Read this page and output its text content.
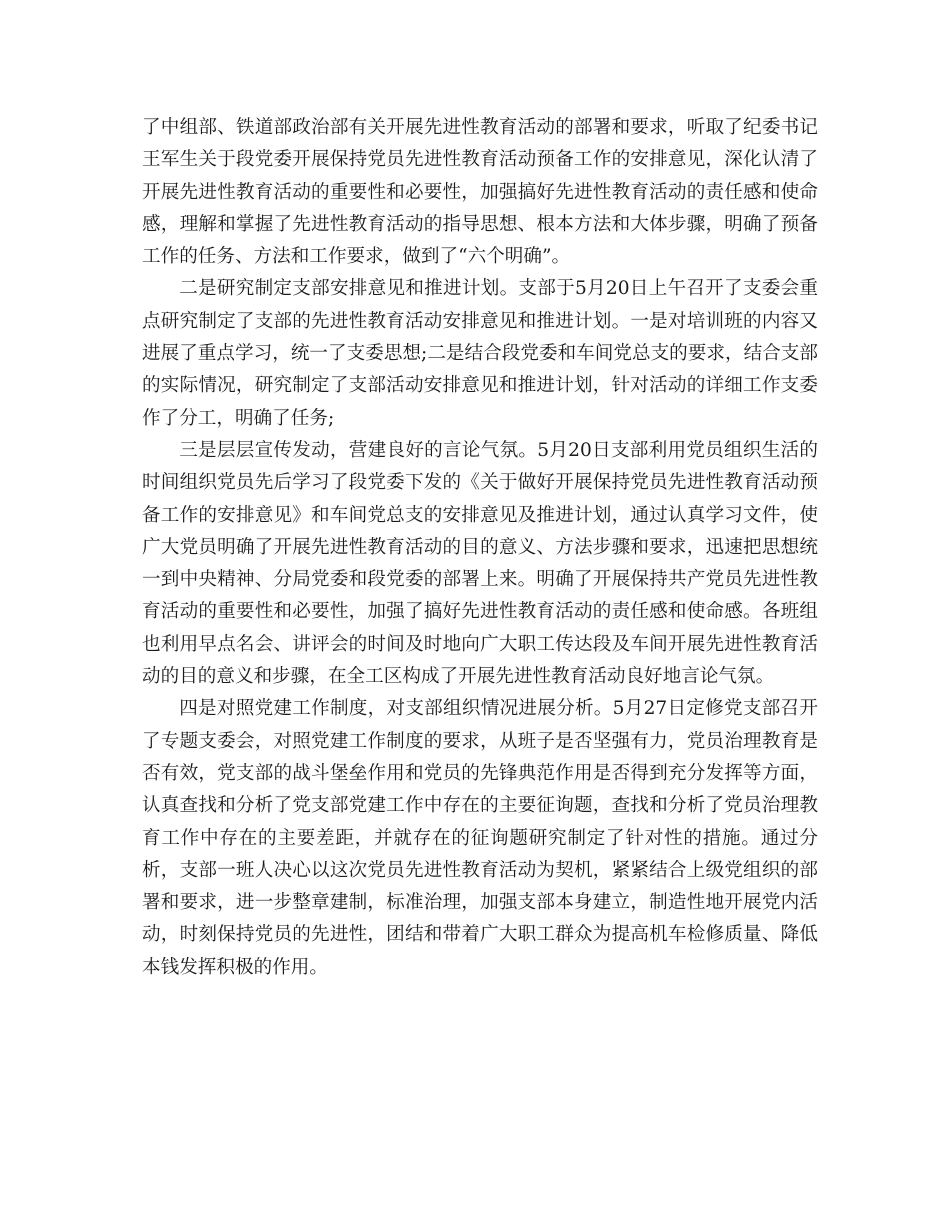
了中组部、铁道部政治部有关开展先进性教育活动的部署和要求，听取了纪委书记王军生关于段党委开展保持党员先进性教育活动预备工作的安排意见，深化认清了开展先进性教育活动的重要性和必要性，加强搞好先进性教育活动的责任感和使命感，理解和掌握了先进性教育活动的指导思想、根本方法和大体步骤，明确了预备工作的任务、方法和工作要求，做到了“六个明确”。

二是研究制定支部安排意见和推进计划。支部于5月20日上午召开了支委会重点研究制定了支部的先进性教育活动安排意见和推进计划。一是对培训班的内容又进展了重点学习，统一了支委思想;二是结合段党委和车间党总支的要求，结合支部的实际情况，研究制定了支部活动安排意见和推进计划，针对活动的详细工作支委作了分工，明确了任务;

三是层层宣传发动，营建良好的言论气氛。5月20日支部利用党员组织生活的时间组织党员先后学习了段党委下发的《关于做好开展保持党员先进性教育活动预备工作的安排意见》和车间党总支的安排意见及推进计划，通过认真学习文件，使广大党员明确了开展先进性教育活动的目的意义、方法步骤和要求，迅速把思想统一到中央精神、分局党委和段党委的部署上来。明确了开展保持共产党员先进性教育活动的重要性和必要性，加强了搞好先进性教育活动的责任感和使命感。各班组也利用早点名会、讲评会的时间及时地向广大职工传达段及车间开展先进性教育活动的目的意义和步骤，在全工区构成了开展先进性教育活动良好地言论气氛。

四是对照党建工作制度，对支部组织情况进展分析。5月27日定修党支部召开了专题支委会，对照党建工作制度的要求，从班子是否坚强有力，党员治理教育是否有效，党支部的战斗堡垒作用和党员的先锋典范作用是否得到充分发挥等方面，认真查找和分析了党支部党建工作中存在的主要征询题，查找和分析了党员治理教育工作中存在的主要差距，并就存在的征询题研究制定了针对性的措施。通过分析，支部一班人决心以这次党员先进性教育活动为契机，紧紧结合上级党组织的部署和要求，进一步整章建制，标准治理，加强支部本身建立，制造性地开展党内活动，时刻保持党员的先进性，团结和带着广大职工群众为提高机车检修质量、降低本钱发挥积极的作用。
